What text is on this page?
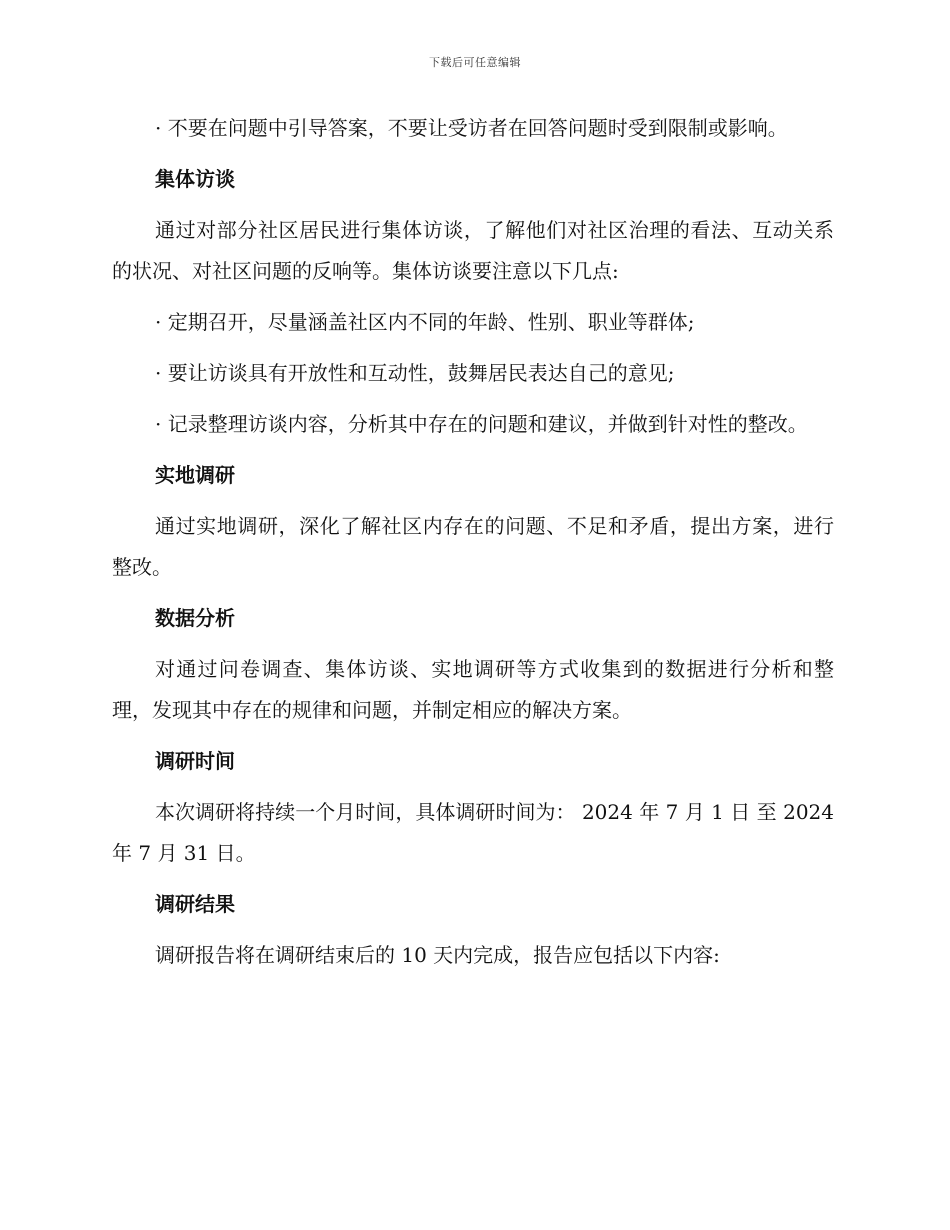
下载后可任意编辑

· 不要在问题中引导答案，不要让受访者在回答问题时受到限制或影响。

集体访谈

通过对部分社区居民进行集体访谈，了解他们对社区治理的看法、互动关系的状况、对社区问题的反响等。集体访谈要注意以下几点:

· 定期召开，尽量涵盖社区内不同的年龄、性别、职业等群体;

· 要让访谈具有开放性和互动性，鼓舞居民表达自己的意见;

· 记录整理访谈内容，分析其中存在的问题和建议，并做到针对性的整改。

实地调研

通过实地调研，深化了解社区内存在的问题、不足和矛盾，提出方案，进行整改。

数据分析

对通过问卷调查、集体访谈、实地调研等方式收集到的数据进行分析和整理，发现其中存在的规律和问题，并制定相应的解决方案。

调研时间

本次调研将持续一个月时间，具体调研时间为： 2024 年 7 月 1 日 至 2024 年 7 月 31 日。

调研结果

调研报告将在调研结束后的 10 天内完成，报告应包括以下内容:
